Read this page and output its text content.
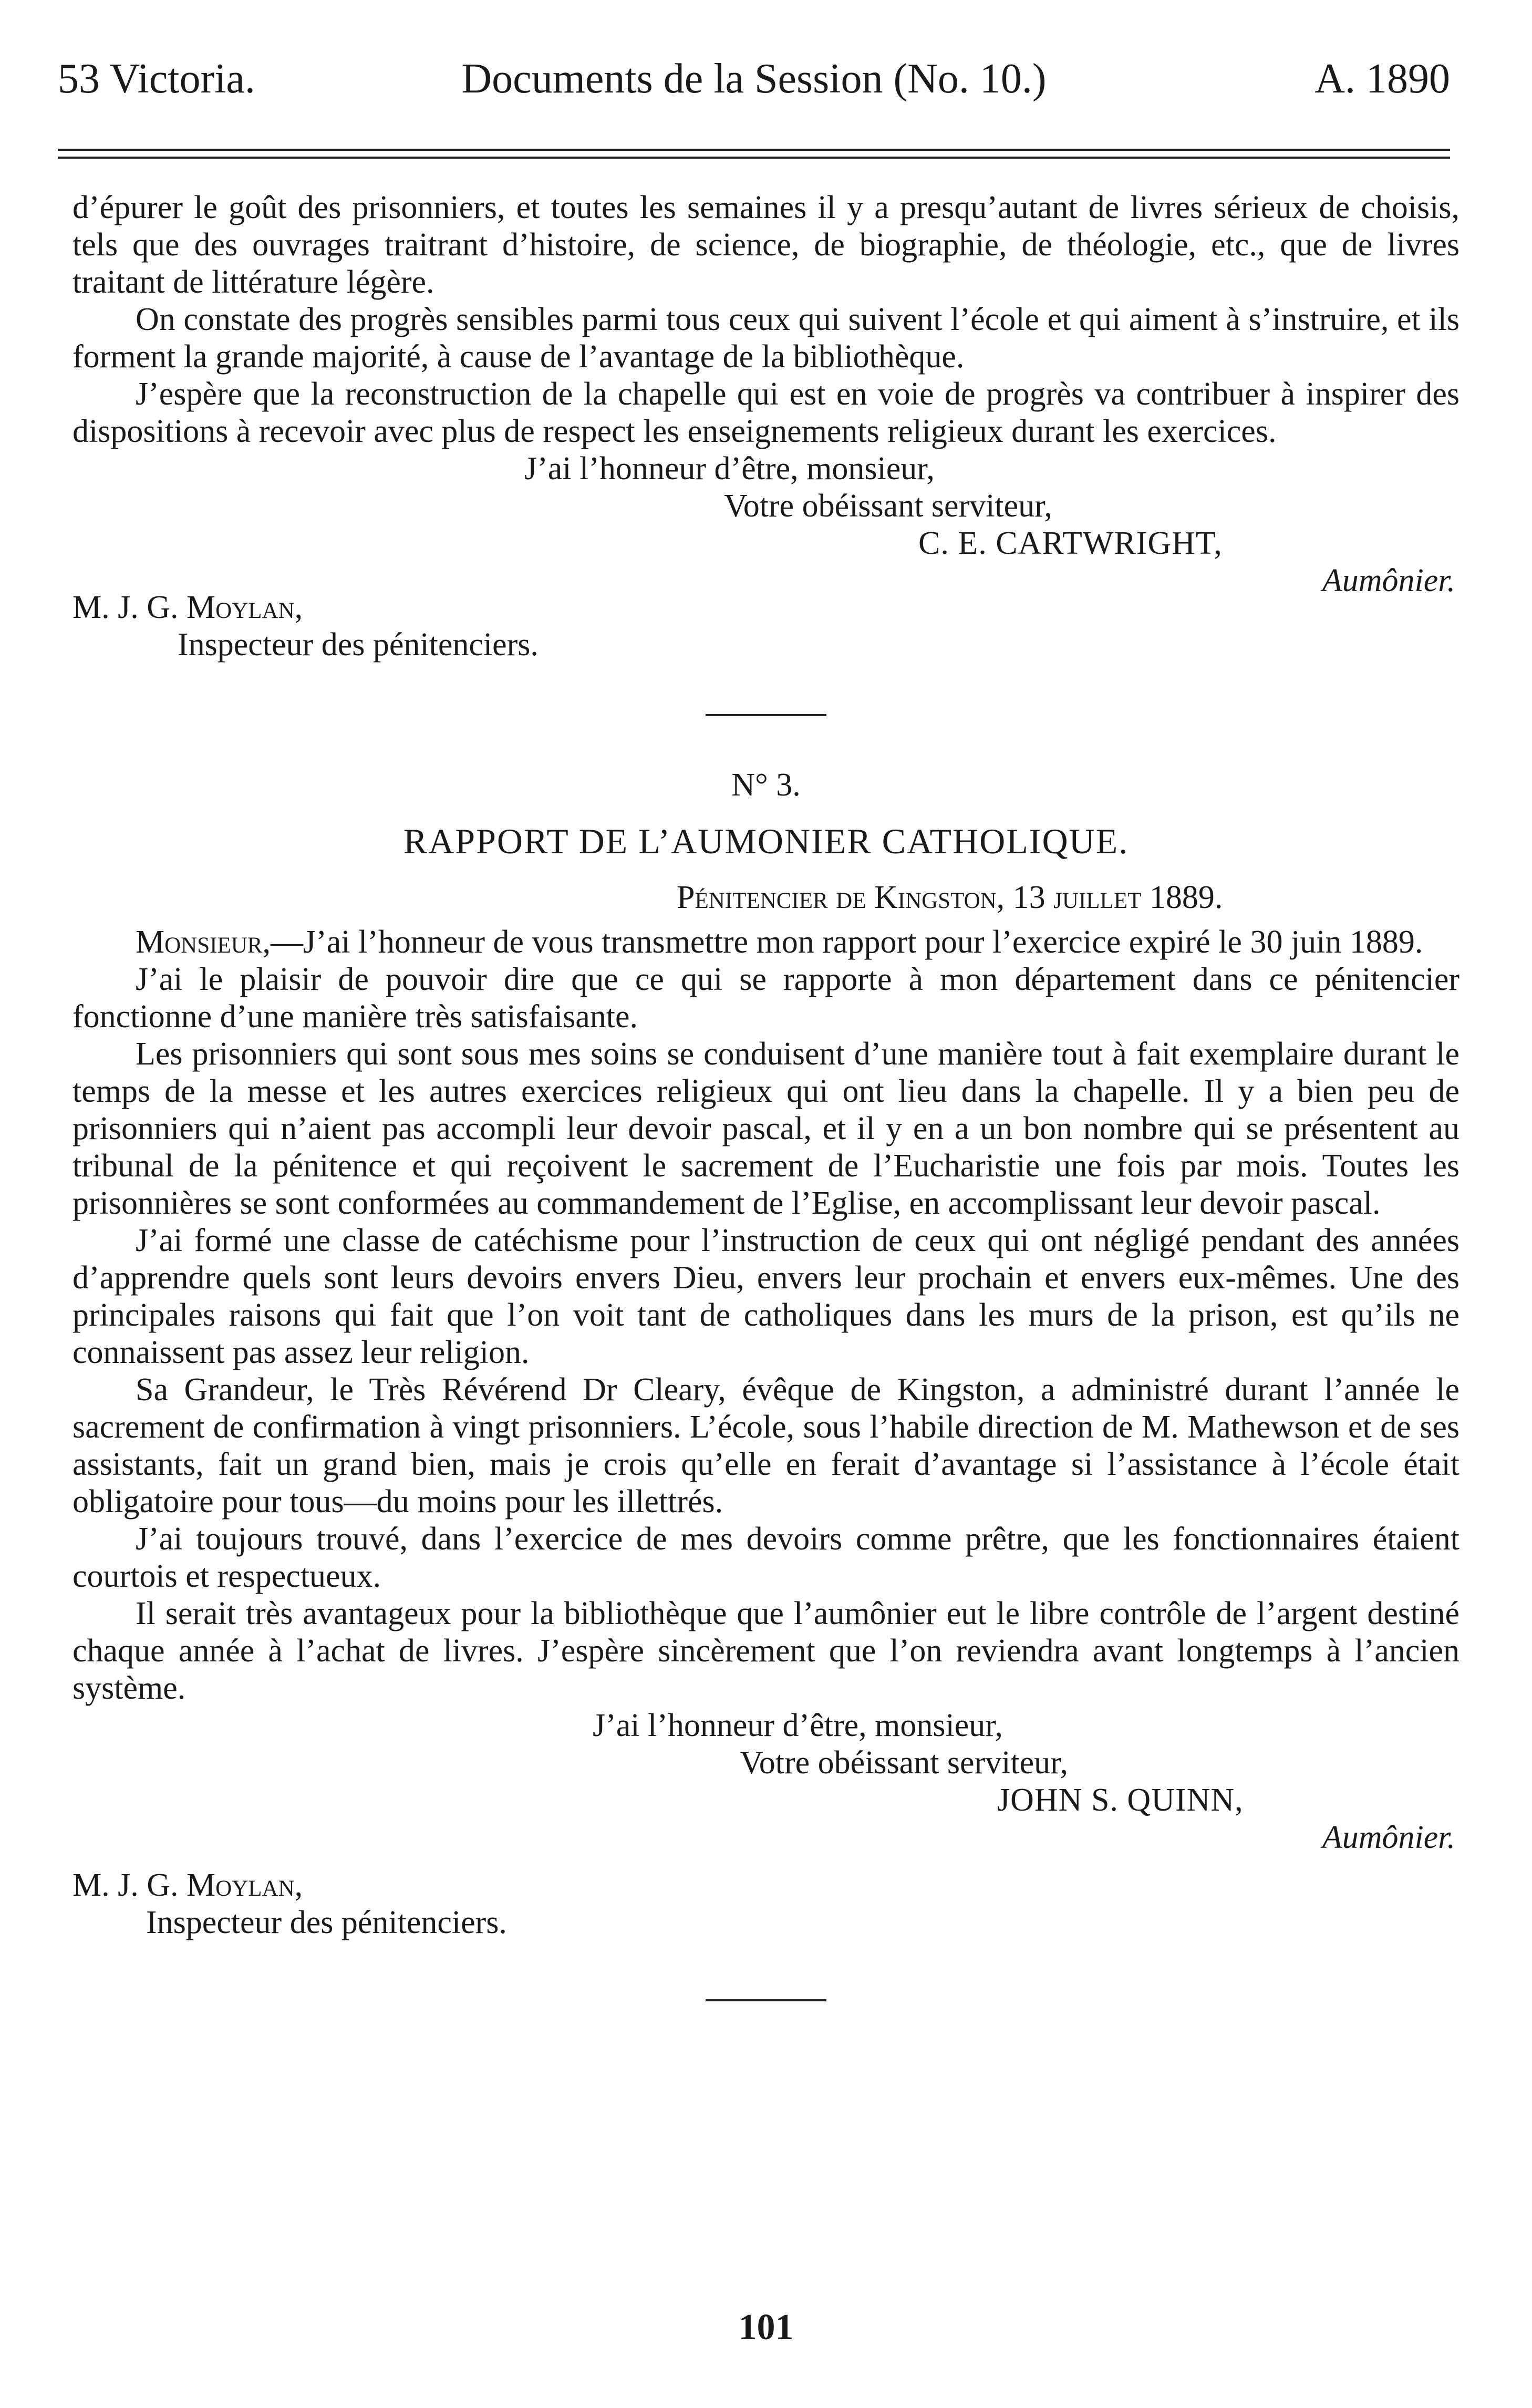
53 Victoria.	Documents de la Session (No. 10.)	A. 1890

d’épurer le goût des prisonniers, et toutes les semaines il y a presqu’autant de livres sérieux de choisis, tels que des ouvrages traitrant d’histoire, de science, de biographie, de théologie, etc., que de livres traitant de littérature légère.

On constate des progrès sensibles parmi tous ceux qui suivent l’école et qui aiment à s’instruire, et ils forment la grande majorité, à cause de l’avantage de la bibliothèque.

J’espère que la reconstruction de la chapelle qui est en voie de progrès va contribuer à inspirer des dispositions à recevoir avec plus de respect les enseignements religieux durant les exercices.

J’ai l’honneur d’être, monsieur,

Votre obéissant serviteur,

C. E. CARTWRIGHT,

Aumônier.

M. J. G. Moylan,

Inspecteur des pénitenciers.

N° 3.

RAPPORT DE L’AUMONIER CATHOLIQUE.

Pénitencier de Kingston, 13 juillet 1889.

Monsieur,—J’ai l’honneur de vous transmettre mon rapport pour l’exercice expiré le 30 juin 1889.

J’ai le plaisir de pouvoir dire que ce qui se rapporte à mon département dans ce pénitencier fonctionne d’une manière très satisfaisante.

Les prisonniers qui sont sous mes soins se conduisent d’une manière tout à fait exemplaire durant le temps de la messe et les autres exercices religieux qui ont lieu dans la chapelle. Il y a bien peu de prisonniers qui n’aient pas accompli leur devoir pascal, et il y en a un bon nombre qui se présentent au tribunal de la pénitence et qui reçoivent le sacrement de l’Eucharistie une fois par mois. Toutes les prisonnières se sont conformées au commandement de l’Eglise, en accomplissant leur devoir pascal.

J’ai formé une classe de catéchisme pour l’instruction de ceux qui ont négligé pendant des années d’apprendre quels sont leurs devoirs envers Dieu, envers leur prochain et envers eux-mêmes. Une des principales raisons qui fait que l’on voit tant de catholiques dans les murs de la prison, est qu’ils ne connaissent pas assez leur religion.

Sa Grandeur, le Très Révérend Dr Cleary, évêque de Kingston, a administré durant l’année le sacrement de confirmation à vingt prisonniers. L’école, sous l’habile direction de M. Mathewson et de ses assistants, fait un grand bien, mais je crois qu’elle en ferait d’avantage si l’assistance à l’école était obligatoire pour tous—du moins pour les illettrés.

J’ai toujours trouvé, dans l’exercice de mes devoirs comme prêtre, que les fonctionnaires étaient courtois et respectueux.

Il serait très avantageux pour la bibliothèque que l’aumônier eut le libre contrôle de l’argent destiné chaque année à l’achat de livres. J’espère sincèrement que l’on reviendra avant longtemps à l’ancien système.

J’ai l’honneur d’être, monsieur,

Votre obéissant serviteur,

JOHN S. QUINN,

Aumônier.

M. J. G. Moylan,

Inspecteur des pénitenciers.

101
